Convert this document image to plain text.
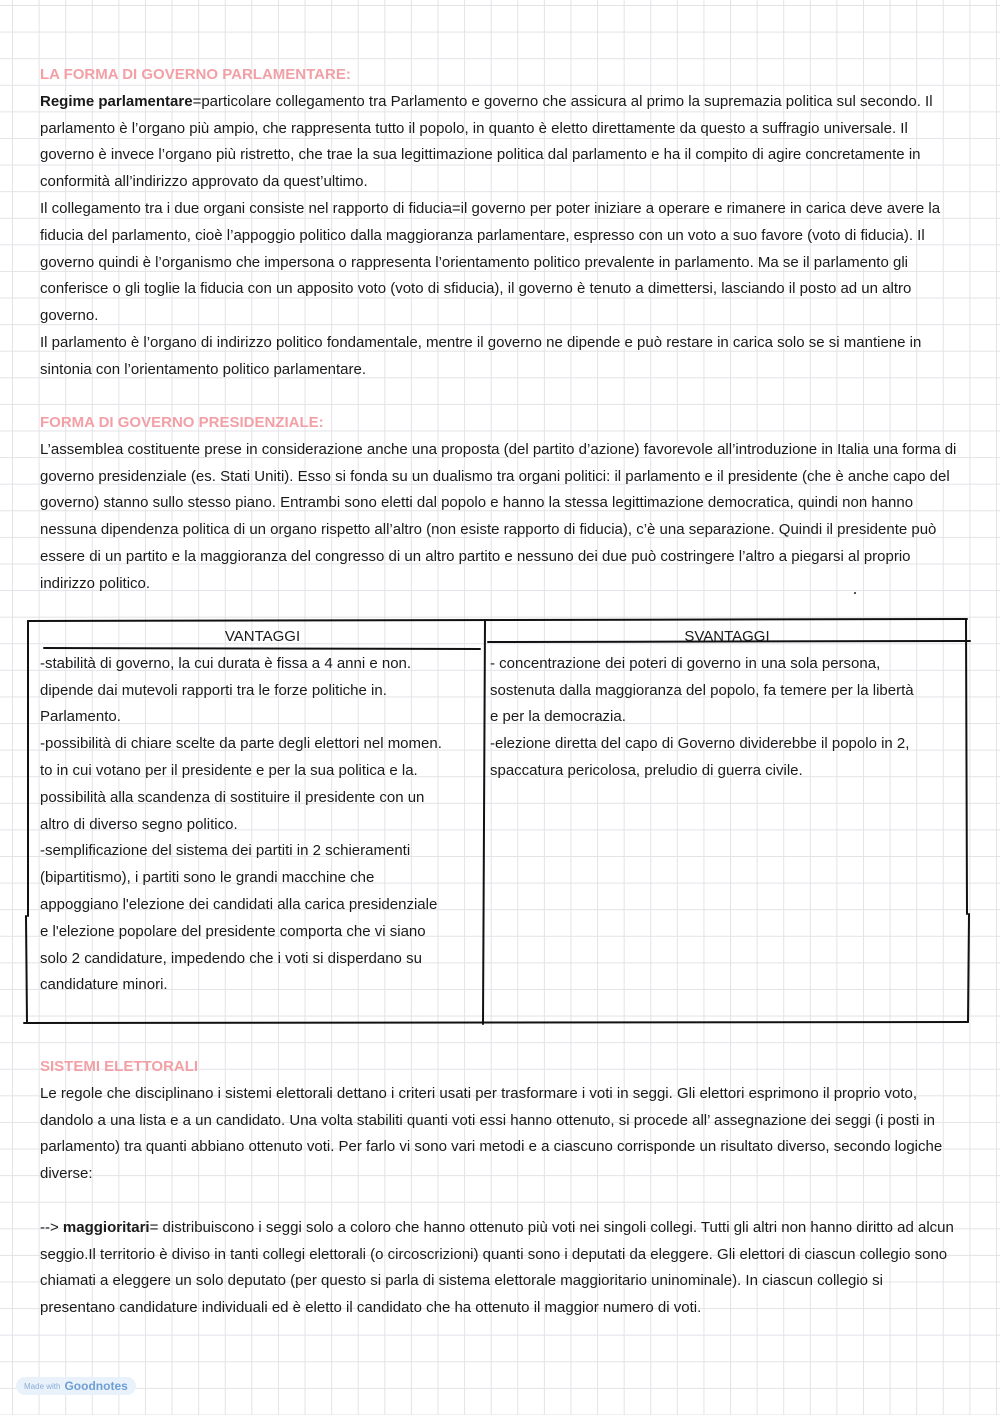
LA FORMA DI GOVERNO PARLAMENTARE:

Regime parlamentare=particolare collegamento tra Parlamento e governo che assicura al primo la supremazia politica sul secondo. Il parlamento è l’organo più ampio, che rappresenta tutto il popolo, in quanto è eletto direttamente da questo a suffragio universale. Il governo è invece l’organo più ristretto, che trae la sua legittimazione politica dal parlamento e ha il compito di agire concretamente in conformità all’indirizzo approvato da quest’ultimo.

Il collegamento tra i due organi consiste nel rapporto di fiducia=il governo per poter iniziare a operare e rimanere in carica deve avere la fiducia del parlamento, cioè l’appoggio politico dalla maggioranza parlamentare, espresso con un voto a suo favore (voto di fiducia). Il governo quindi è l’organismo che impersona o rappresenta l’orientamento politico prevalente in parlamento. Ma se il parlamento gli conferisce o gli toglie la fiducia con un apposito voto (voto di sfiducia), il governo è tenuto a dimettersi, lasciando il posto ad un altro governo.

Il parlamento è l’organo di indirizzo politico fondamentale, mentre il governo ne dipende e può restare in carica solo se si mantiene in sintonia con l’orientamento politico parlamentare.

FORMA DI GOVERNO PRESIDENZIALE:

L’assemblea costituente prese in considerazione anche una proposta (del partito d’azione) favorevole all’introduzione in Italia una forma di governo presidenziale (es. Stati Uniti). Esso si fonda su un dualismo tra organi politici: il parlamento e il presidente (che è anche capo del governo) stanno sullo stesso piano. Entrambi sono eletti dal popolo e hanno la stessa legittimazione democratica, quindi non hanno nessuna dipendenza politica di un organo rispetto all’altro (non esiste rapporto di fiducia), c’è una separazione. Quindi il presidente può essere di un partito e la maggioranza del congresso di un altro partito e nessuno dei due può costringere l’altro a piegarsi al proprio indirizzo politico.

VANTAGGI

-stabilità di governo, la cui durata è fissa a 4 anni e non.

dipende dai mutevoli rapporti tra le forze politiche in.

Parlamento.

-possibilità di chiare scelte da parte degli elettori nel momen.

to in cui votano per il presidente e per la sua politica e la.

possibilità alla scandenza di sostituire il presidente con un

altro di diverso segno politico.

-semplificazione del sistema dei partiti in 2 schieramenti

(bipartitismo), i partiti sono le grandi macchine che

appoggiano l'elezione dei candidati alla carica presidenziale

e l'elezione popolare del presidente comporta che vi siano

solo 2 candidature, impedendo che i voti si disperdano su

candidature minori.

SVANTAGGI

- concentrazione dei poteri di governo in una sola persona,

sostenuta dalla maggioranza del popolo, fa temere per la libertà

e per la democrazia.

-elezione diretta del capo di Governo dividerebbe il popolo in 2,

spaccatura pericolosa, preludio di guerra civile.

SISTEMI ELETTORALI

Le regole che disciplinano i sistemi elettorali dettano i criteri usati per trasformare i voti in seggi. Gli elettori esprimono il proprio voto, dandolo a una lista e a un candidato. Una volta stabiliti quanti voti essi hanno ottenuto, si procede all’ assegnazione dei seggi (i posti in parlamento) tra quanti abbiano ottenuto voti. Per farlo vi sono vari metodi e a ciascuno corrisponde un risultato diverso, secondo logiche diverse:

--> maggioritari= distribuiscono i seggi solo a coloro che hanno ottenuto più voti nei singoli collegi. Tutti gli altri non hanno diritto ad alcun seggio.Il territorio è diviso in tanti collegi elettorali (o circoscrizioni) quanti sono i deputati da eleggere. Gli elettori di ciascun collegio sono chiamati a eleggere un solo deputato (per questo si parla di sistema elettorale maggioritario uninominale). In ciascun collegio si presentano candidature individuali ed è eletto il candidato che ha ottenuto il maggior numero di voti.

Made with Goodnotes
